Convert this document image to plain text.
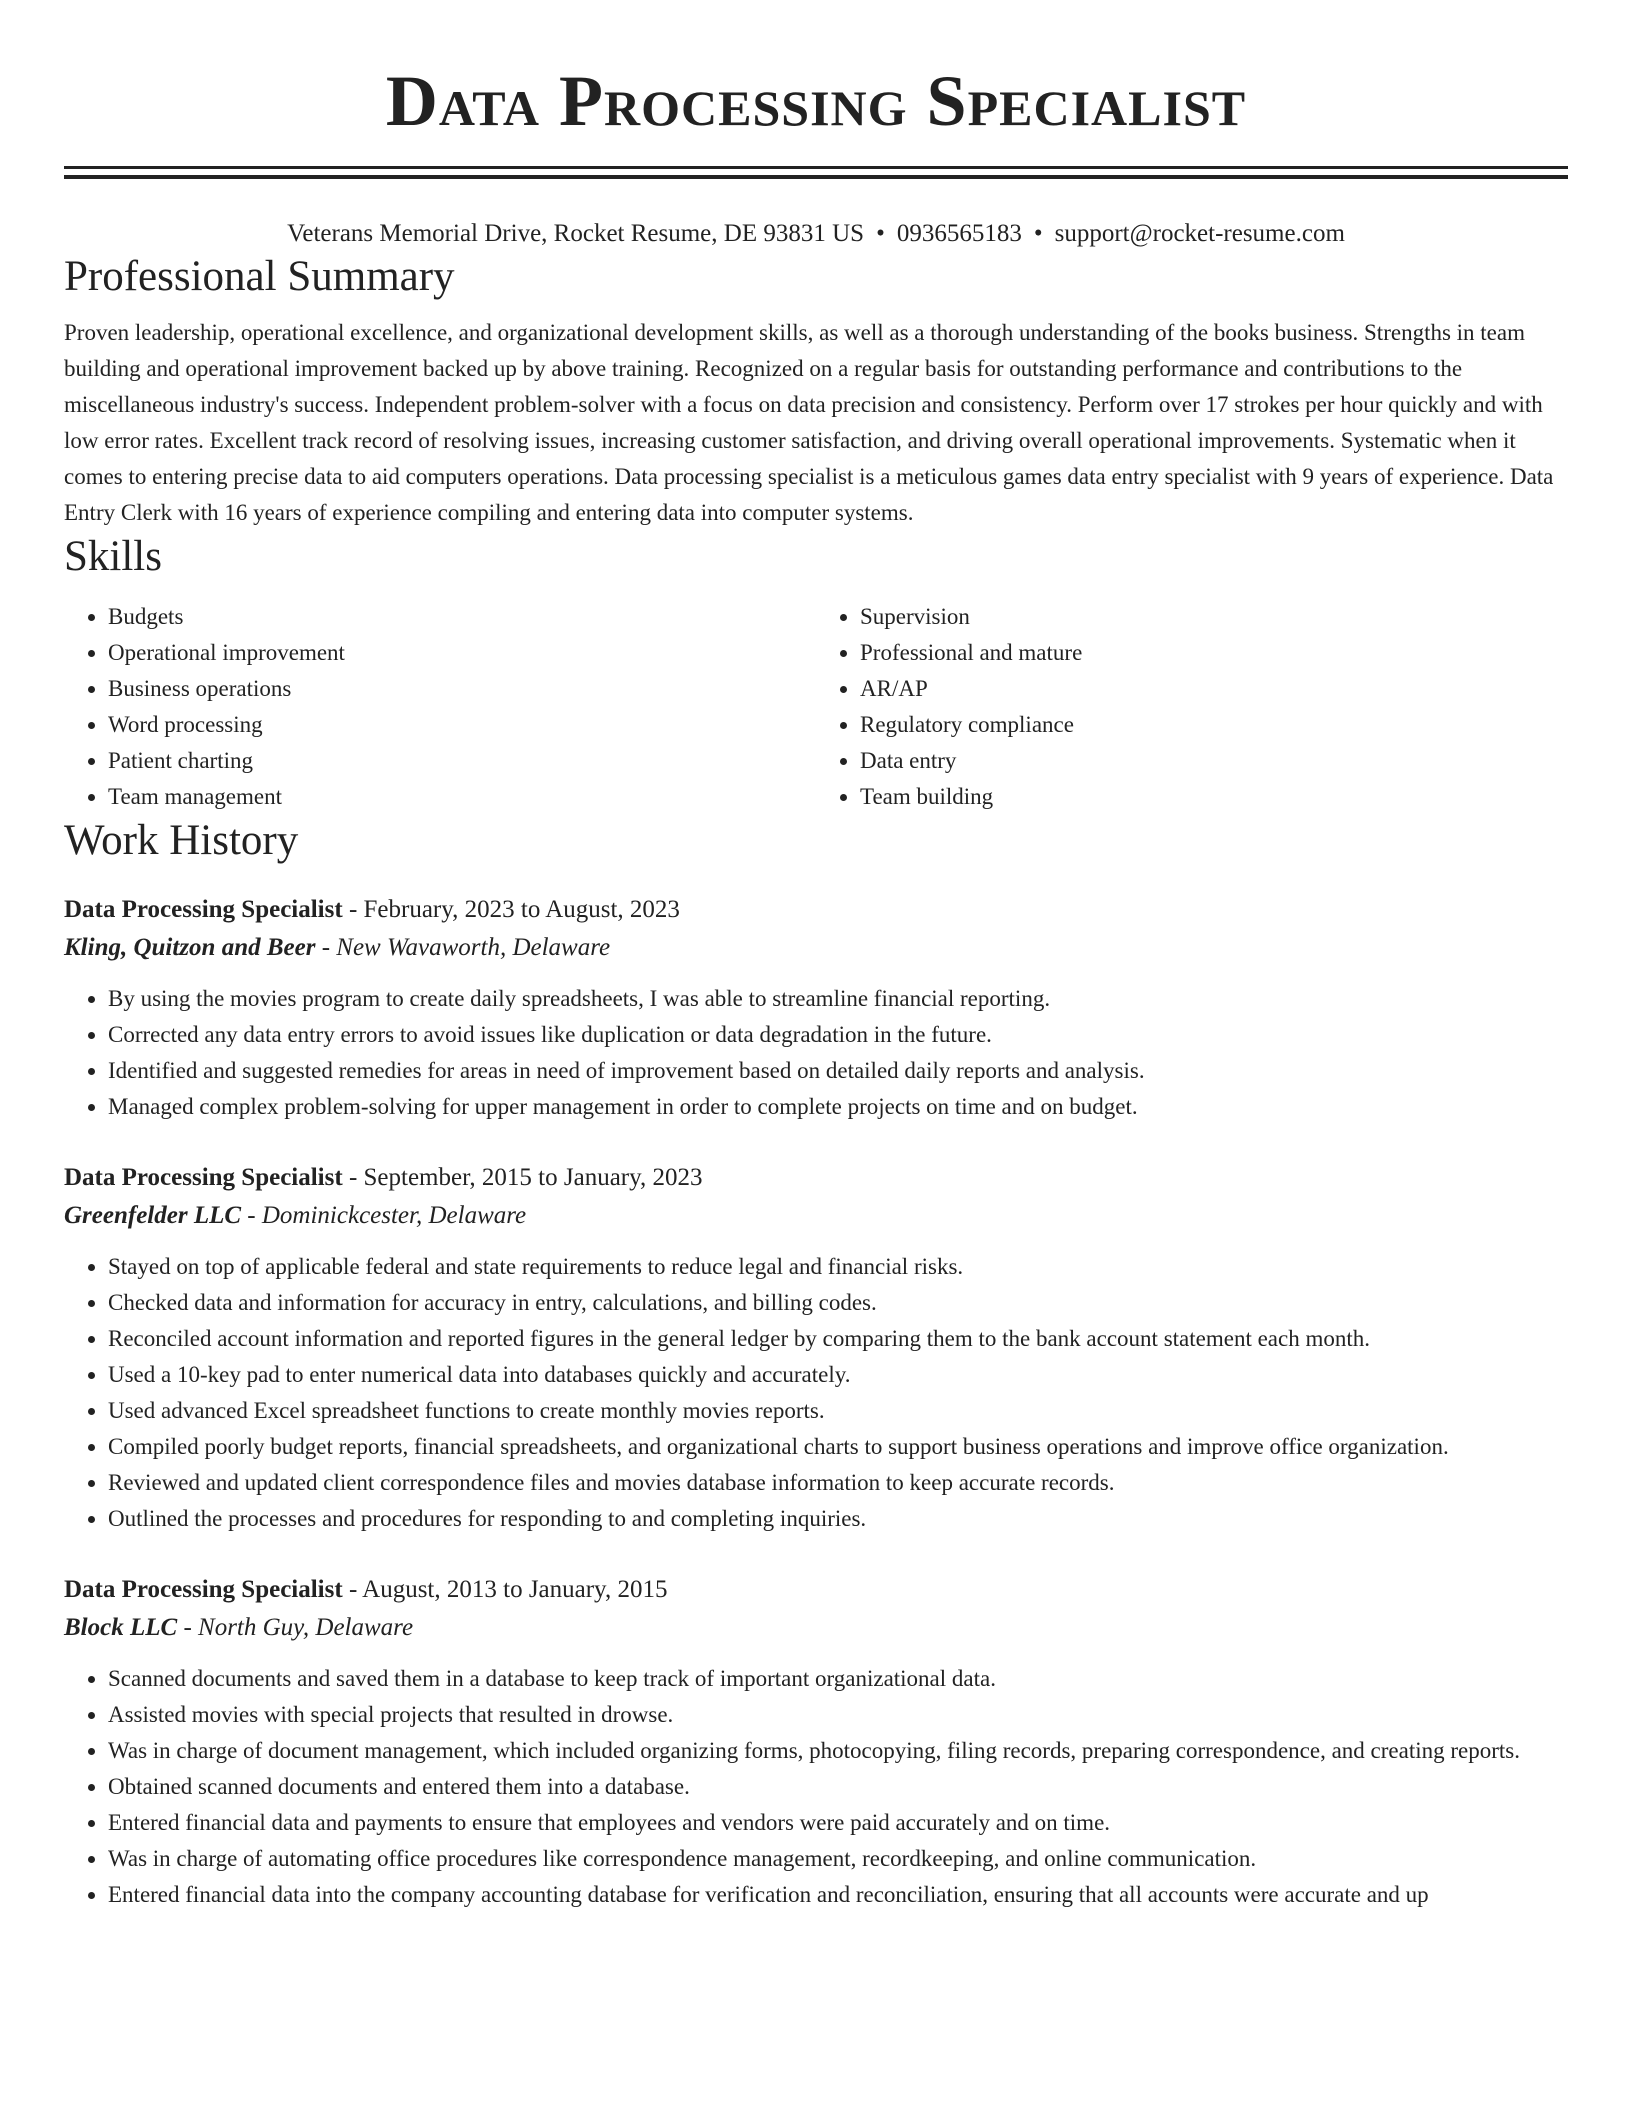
Data Processing Specialist
Veterans Memorial Drive, Rocket Resume, DE 93831 US • 0936565183 • support@rocket-resume.com
Professional Summary

Proven leadership, operational excellence, and organizational development skills, as well as a thorough understanding of the books business. Strengths in team building and operational improvement backed up by above training. Recognized on a regular basis for outstanding performance and contributions to the miscellaneous industry's success. Independent problem-solver with a focus on data precision and consistency. Perform over 17 strokes per hour quickly and with low error rates. Excellent track record of resolving issues, increasing customer satisfaction, and driving overall operational improvements. Systematic when it comes to entering precise data to aid computers operations. Data processing specialist is a meticulous games data entry specialist with 9 years of experience. Data Entry Clerk with 16 years of experience compiling and entering data into computer systems.

Skills
• Budgets
• Operational improvement
• Business operations
• Word processing
• Patient charting
• Team management
• Supervision
• Professional and mature
• AR/AP
• Regulatory compliance
• Data entry
• Team building
Work History
Data Processing Specialist - February, 2023 to August, 2023
Kling, Quitzon and Beer - New Wavaworth, Delaware
• By using the movies program to create daily spreadsheets, I was able to streamline financial reporting.
• Corrected any data entry errors to avoid issues like duplication or data degradation in the future.
• Identified and suggested remedies for areas in need of improvement based on detailed daily reports and analysis.
• Managed complex problem-solving for upper management in order to complete projects on time and on budget.
Data Processing Specialist - September, 2015 to January, 2023
Greenfelder LLC - Dominickcester, Delaware
• Stayed on top of applicable federal and state requirements to reduce legal and financial risks.
• Checked data and information for accuracy in entry, calculations, and billing codes.
• Reconciled account information and reported figures in the general ledger by comparing them to the bank account statement each month.
• Used a 10-key pad to enter numerical data into databases quickly and accurately.
• Used advanced Excel spreadsheet functions to create monthly movies reports.
• Compiled poorly budget reports, financial spreadsheets, and organizational charts to support business operations and improve office organization.
• Reviewed and updated client correspondence files and movies database information to keep accurate records.
• Outlined the processes and procedures for responding to and completing inquiries.
Data Processing Specialist - August, 2013 to January, 2015
Block LLC - North Guy, Delaware
• Scanned documents and saved them in a database to keep track of important organizational data.
• Assisted movies with special projects that resulted in drowse.
• Was in charge of document management, which included organizing forms, photocopying, filing records, preparing correspondence, and creating reports.
• Obtained scanned documents and entered them into a database.
• Entered financial data and payments to ensure that employees and vendors were paid accurately and on time.
• Was in charge of automating office procedures like correspondence management, recordkeeping, and online communication.
• Entered financial data into the company accounting database for verification and reconciliation, ensuring that all accounts were accurate and up
